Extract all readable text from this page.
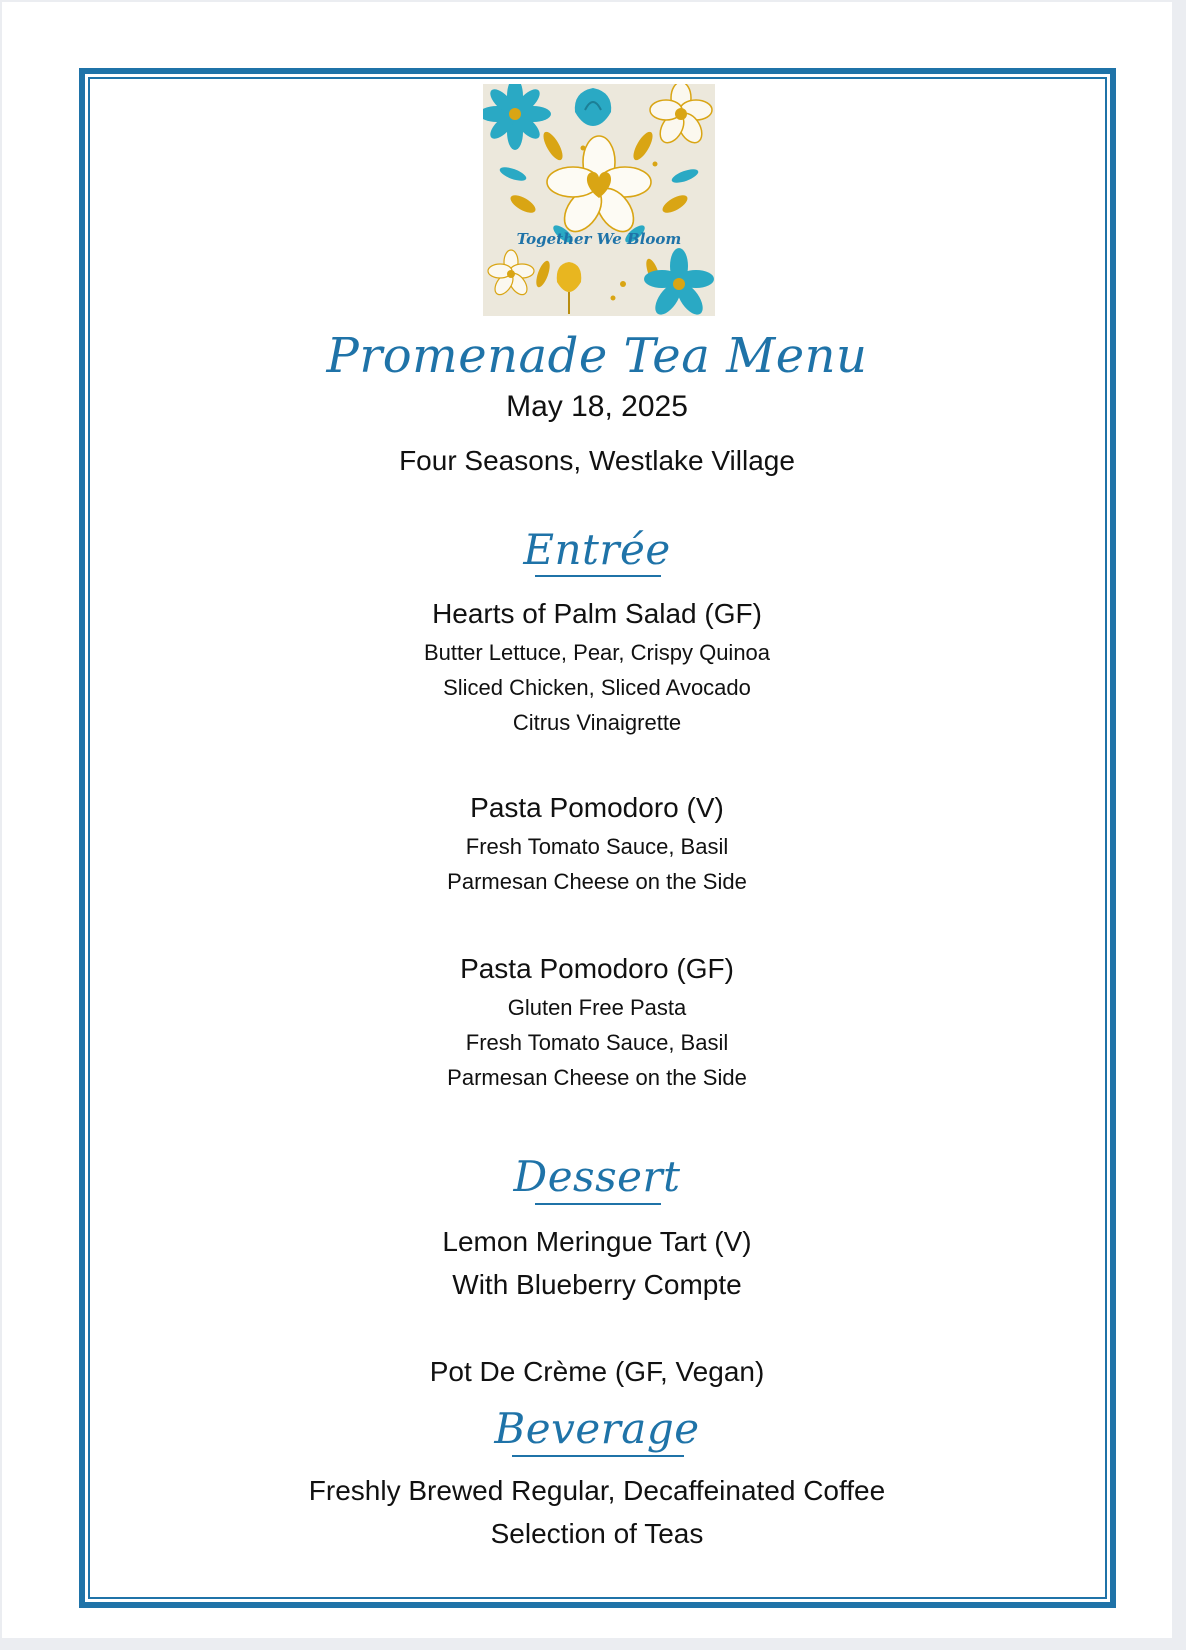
Together We Bloom
Promenade Tea Menu
May 18, 2025
Four Seasons, Westlake Village
Entrée
Hearts of Palm Salad (GF)
Butter Lettuce, Pear, Crispy Quinoa
Sliced Chicken, Sliced Avocado
Citrus Vinaigrette
Pasta Pomodoro (V)
Fresh Tomato Sauce, Basil
Parmesan Cheese on the Side
Pasta Pomodoro (GF)
Gluten Free Pasta
Fresh Tomato Sauce, Basil
Parmesan Cheese on the Side
Dessert
Lemon Meringue Tart (V)
With Blueberry Compte
Pot De Crème (GF, Vegan)
Beverage
Freshly Brewed Regular, Decaffeinated Coffee
Selection of Teas
